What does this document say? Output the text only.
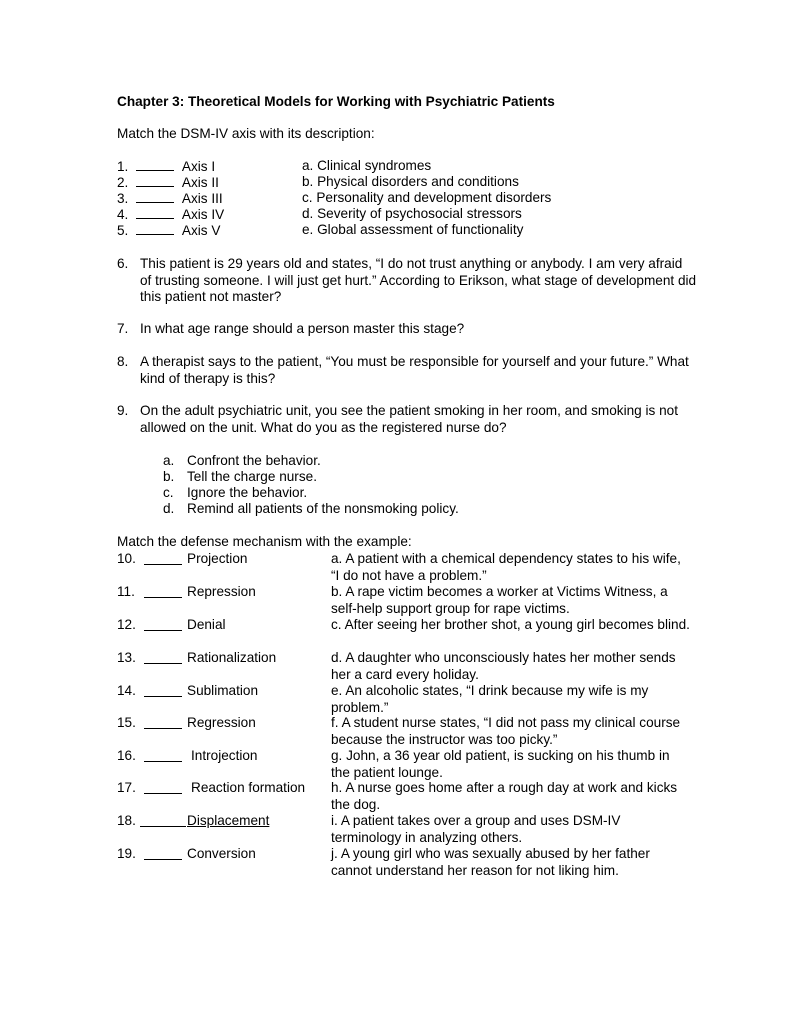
Chapter 3: Theoretical Models for Working with Psychiatric Patients
Match the DSM-IV axis with its description:
1.	Axis I	a. Clinical syndromes
2.	Axis II	b. Physical disorders and conditions
3.	Axis III	c. Personality and development disorders
4.	Axis IV	d. Severity of psychosocial stressors
5.	Axis V	e. Global assessment of functionality
6. This patient is 29 years old and states, “I do not trust anything or anybody. I am very afraid of trusting someone. I will just get hurt.” According to Erikson, what stage of development did this patient not master?
7. In what age range should a person master this stage?
8. A therapist says to the patient, “You must be responsible for yourself and your future.” What kind of therapy is this?
9. On the adult psychiatric unit, you see the patient smoking in her room, and smoking is not allowed on the unit. What do you as the registered nurse do?
a. Confront the behavior.
b. Tell the charge nurse.
c. Ignore the behavior.
d. Remind all patients of the nonsmoking policy.
Match the defense mechanism with the example:
10.	Projection	a. A patient with a chemical dependency states to his wife, “I do not have a problem.”
11.	Repression	b. A rape victim becomes a worker at Victims Witness, a self-help support group for rape victims.
12.	Denial	c. After seeing her brother shot, a young girl becomes blind.
13.	Rationalization	d. A daughter who unconsciously hates her mother sends her a card every holiday.
14.	Sublimation	e. An alcoholic states, “I drink because my wife is my problem.”
15.	Regression	f. A student nurse states, “I did not pass my clinical course because the instructor was too picky.”
16.	Introjection	g. John, a 36 year old patient, is sucking on his thumb in the patient lounge.
17.	Reaction formation h. A nurse goes home after a rough day at work and kicks the dog.
18.	Displacement	i. A patient takes over a group and uses DSM-IV terminology in analyzing others.
19.	Conversion	j. A young girl who was sexually abused by her father cannot understand her reason for not liking him.
